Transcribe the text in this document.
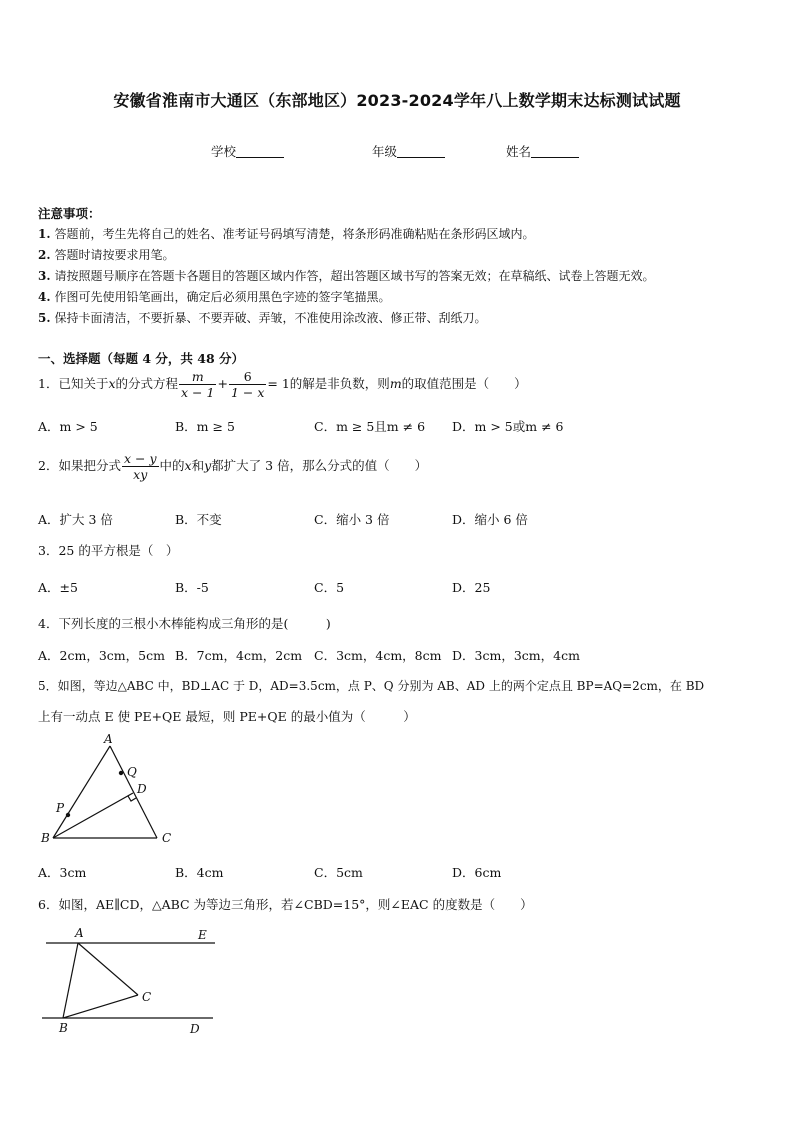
安徽省淮南市大通区（东部地区）2023-2024学年八上数学期末达标测试试题
学校	年级	姓名
注意事项：
1. 答题前，考生先将自己的姓名、准考证号码填写清楚，将条形码准确粘贴在条形码区域内。
2. 答题时请按要求用笔。
3. 请按照题号顺序在答题卡各题目的答题区域内作答，超出答题区域书写的答案无效；在草稿纸、试卷上答题无效。
4. 作图可先使用铅笔画出，确定后必须用黑色字迹的签字笔描黑。
5. 保持卡面清洁，不要折暴、不要弄破、弄皱，不准使用涂改液、修正带、刮纸刀。
一、选择题（每题 4 分，共 48 分）
1．已知关于x的分式方程 $\frac{m}{x - 1} + \frac{6}{1 - x} = 1$的解是非负数，则m的取值范围是（　　）
A．m > 5	B．m ≥ 5	C．m ≥ 5且m ≠ 6 D．m > 5或m ≠ 6
2．如果把分式 $\frac{x - y}{xy}$ 中的x和y都扩大了 3 倍，那么分式的值（　　）
A．扩大 3 倍	B．不变	C．缩小 3 倍	D．缩小 6 倍
3．25 的平方根是（　）
A．±5	B．-5	C．5	D．25
4．下列长度的三根小木棒能构成三角形的是(　　　)
A．2cm，3cm，5cm B．7cm，4cm，2cm C．3cm，4cm，8cm D．3cm，3cm，4cm
5．如图，等边△ABC 中，BD⊥AC 于 D，AD=3.5cm，点 P、Q 分别为 AB、AD 上的两个定点且 BP=AQ=2cm，在 BD
上有一动点 E 使 PE+QE 最短，则 PE+QE 的最小值为（　　　）
A
Q
D
P
B	C
A．3cm	B．4cm	C．5cm	D．6cm
6．如图，AE∥CD，△ABC 为等边三角形，若∠CBD=15°，则∠EAC 的度数是（　　）
A	E
C
B	D
